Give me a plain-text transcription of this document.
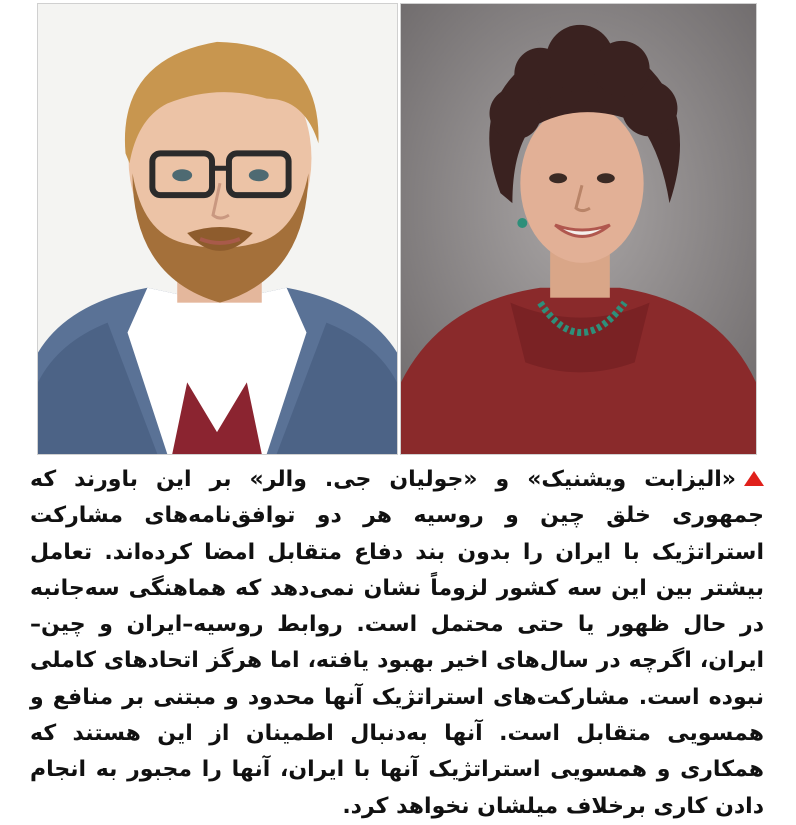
«الیزابت ویشنیک» و «جولیان جی. والر» بر این باورند که جمهوری خلق چین و روسیه هر دو توافق‌نامه‌های مشارکت استراتژیک با ایران را بدون بند دفاع متقابل امضا کرده‌اند. تعامل بیشتر بین این سه کشور لزوماً نشان نمی‌دهد که هماهنگی سه‌جانبه در حال ظهور یا حتی محتمل است. روابط روسیه–ایران و چین–ایران، اگرچه در سال‌های اخیر بهبود یافته، اما هرگز اتحادهای کاملی نبوده است. مشارکت‌های استراتژیک آنها محدود و مبتنی بر منافع و همسویی متقابل است. آنها به‌دنبال اطمینان از این هستند که همکاری و همسویی استراتژیک آنها با ایران، آنها را مجبور به انجام دادن کاری برخلاف میلشان نخواهد کرد.
